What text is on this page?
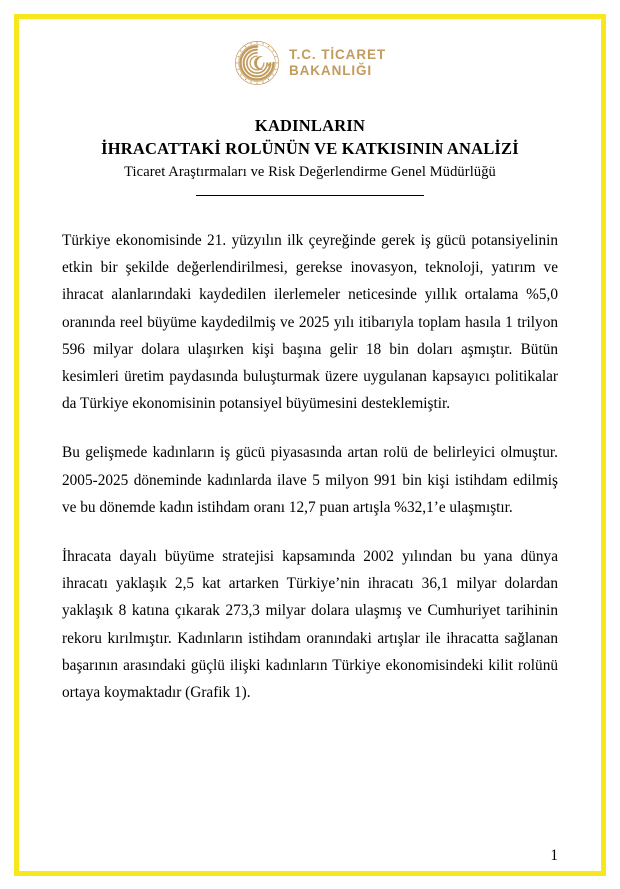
T.C. TİCARET
BAKANLIĞI
KADINLARIN
İHRACATTAKİ ROLÜNÜN VE KATKISININ ANALİZİ

Ticaret Araştırmaları ve Risk Değerlendirme Genel Müdürlüğü

Türkiye ekonomisinde 21. yüzyılın ilk çeyreğinde gerek iş gücü potansiyelinin etkin bir şekilde değerlendirilmesi, gerekse inovasyon, teknoloji, yatırım ve ihracat alanlarındaki kaydedilen ilerlemeler neticesinde yıllık ortalama %5,0 oranında reel büyüme kaydedilmiş ve 2025 yılı itibarıyla toplam hasıla 1 trilyon 596 milyar dolara ulaşırken kişi başına gelir 18 bin doları aşmıştır. Bütün kesimleri üretim paydasında buluşturmak üzere uygulanan kapsayıcı politikalar da Türkiye ekonomisinin potansiyel büyümesini desteklemiştir.

Bu gelişmede kadınların iş gücü piyasasında artan rolü de belirleyici olmuştur. 2005-2025 döneminde kadınlarda ilave 5 milyon 991 bin kişi istihdam edilmiş ve bu dönemde kadın istihdam oranı 12,7 puan artışla %32,1’e ulaşmıştır.

İhracata dayalı büyüme stratejisi kapsamında 2002 yılından bu yana dünya ihracatı yaklaşık 2,5 kat artarken Türkiye’nin ihracatı 36,1 milyar dolardan yaklaşık 8 katına çıkarak 273,3 milyar dolara ulaşmış ve Cumhuriyet tarihinin rekoru kırılmıştır. Kadınların istihdam oranındaki artışlar ile ihracatta sağlanan başarının arasındaki güçlü ilişki kadınların Türkiye ekonomisindeki kilit rolünü ortaya koymaktadır (Grafik 1).

1
